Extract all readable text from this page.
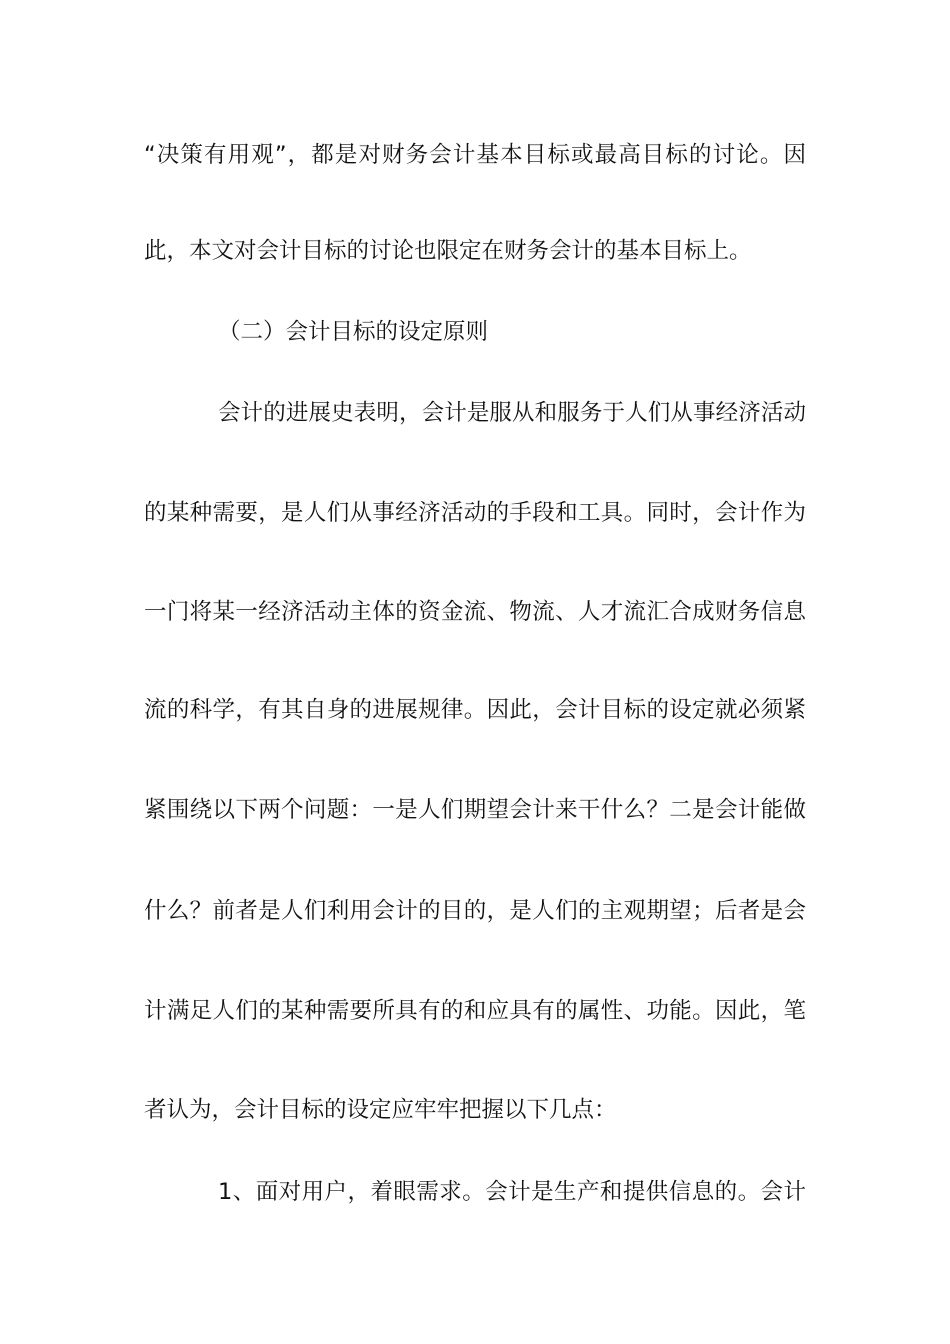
“决策有用观”，都是对财务会计基本目标或最高目标的讨论。因
此，本文对会计目标的讨论也限定在财务会计的基本目标上。
（二）会计目标的设定原则
会计的进展史表明，会计是服从和服务于人们从事经济活动
的某种需要，是人们从事经济活动的手段和工具。同时，会计作为
一门将某一经济活动主体的资金流、物流、人才流汇合成财务信息
流的科学，有其自身的进展规律。因此，会计目标的设定就必须紧
紧围绕以下两个问题：一是人们期望会计来干什么？二是会计能做
什么？前者是人们利用会计的目的，是人们的主观期望；后者是会
计满足人们的某种需要所具有的和应具有的属性、功能。因此，笔
者认为，会计目标的设定应牢牢把握以下几点：
1、面对用户，着眼需求。会计是生产和提供信息的。会计
